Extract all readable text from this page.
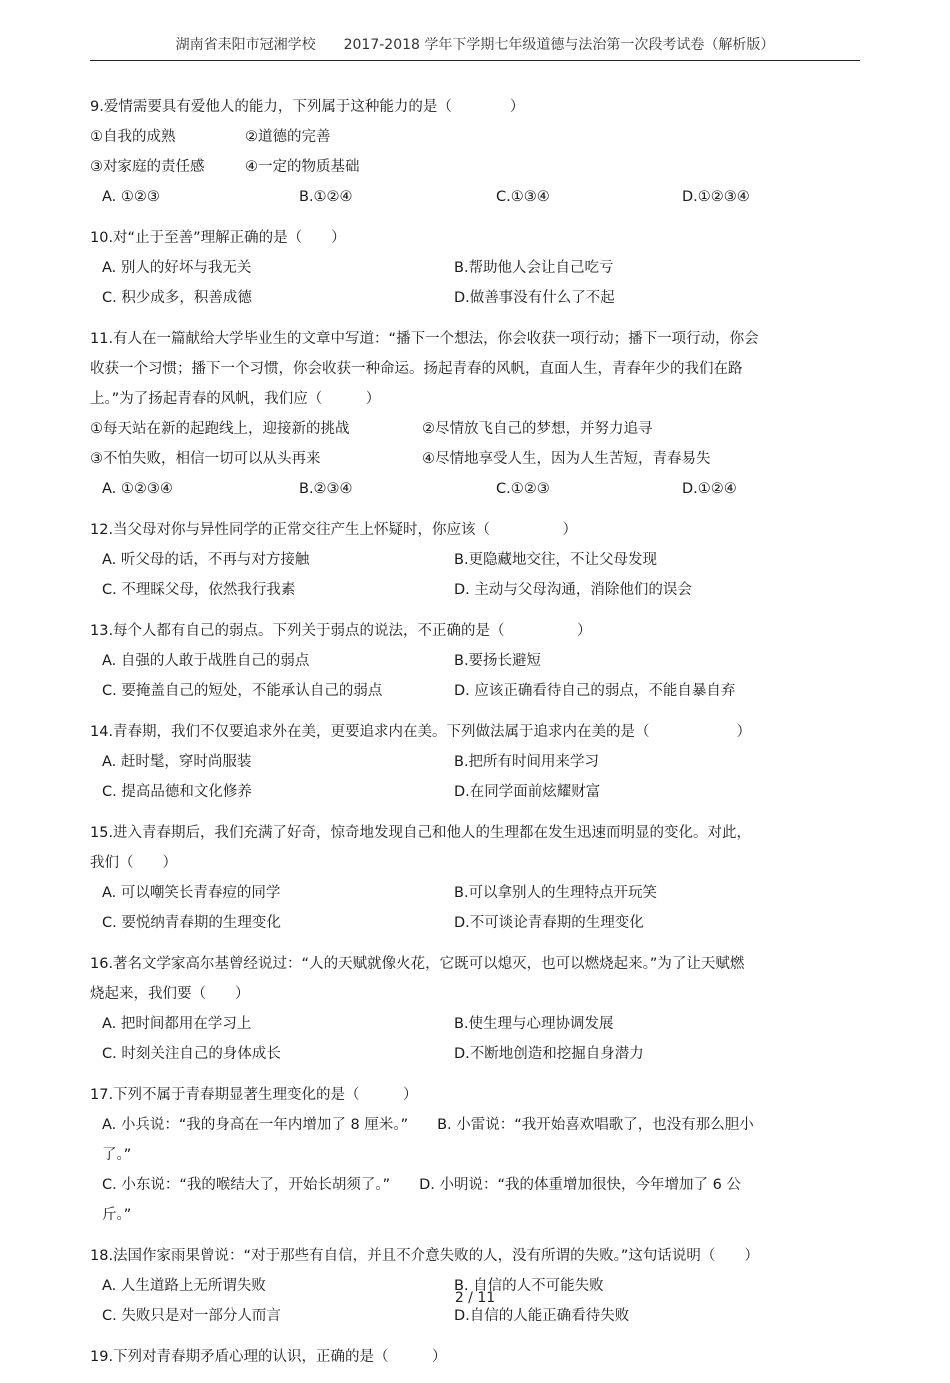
湖南省耒阳市冠湘学校　　2017-2018 学年下学期七年级道德与法治第一次段考试卷（解析版）
9.爱情需要具有爱他人的能力，下列属于这种能力的是（　　　　）
①自我的成熟	②道德的完善
③对家庭的责任感	④一定的物质基础
A. ①②③	B.①②④	C.①③④	D.①②③④
10.对“止于至善”理解正确的是（　　）
A. 别人的好坏与我无关	B.帮助他人会让自己吃亏
C. 积少成多，积善成德	D.做善事没有什么了不起
11.有人在一篇献给大学毕业生的文章中写道：“播下一个想法，你会收获一项行动；播下一项行动，你会
收获一个习惯；播下一个习惯，你会收获一种命运。扬起青春的风帆，直面人生，青春年少的我们在路
上。”为了扬起青春的风帆，我们应（　　　）
①每天站在新的起跑线上，迎接新的挑战	②尽情放飞自己的梦想，并努力追寻
③不怕失败，相信一切可以从头再来	④尽情地享受人生，因为人生苦短，青春易失
A. ①②③④	B.②③④	C.①②③	D.①②④
12.当父母对你与异性同学的正常交往产生上怀疑时，你应该（　　　　　）
A. 听父母的话，不再与对方接触	B.更隐藏地交往，不让父母发现
C. 不理睬父母，依然我行我素	D. 主动与父母沟通，消除他们的误会
13.每个人都有自己的弱点。下列关于弱点的说法，不正确的是（　　　　　）
A. 自强的人敢于战胜自己的弱点	B.要扬长避短
C. 要掩盖自己的短处，不能承认自己的弱点	D. 应该正确看待自己的弱点，不能自暴自弃
14.青春期，我们不仅要追求外在美，更要追求内在美。下列做法属于追求内在美的是（　　　　　　）
A. 赶时髦，穿时尚服装	B.把所有时间用来学习
C. 提高品德和文化修养	D.在同学面前炫耀财富
15.进入青春期后，我们充满了好奇，惊奇地发现自己和他人的生理都在发生迅速而明显的变化。对此，
我们（　　）
A. 可以嘲笑长青春痘的同学	B.可以拿别人的生理特点开玩笑
C. 要悦纳青春期的生理变化	D.不可谈论青春期的生理变化
16.著名文学家高尔基曾经说过：“人的天赋就像火花，它既可以熄灭，也可以燃烧起来。”为了让天赋燃
烧起来，我们要（　　）
A. 把时间都用在学习上	B.使生理与心理协调发展
C. 时刻关注自己的身体成长	D.不断地创造和挖掘自身潜力
17.下列不属于青春期显著生理变化的是（　　　）
A. 小兵说：“我的身高在一年内增加了 8 厘米。”　　B. 小雷说：“我开始喜欢唱歌了，也没有那么胆小
了。”
C. 小东说：“我的喉结大了，开始长胡须了。”　　D. 小明说：“我的体重增加很快，今年增加了 6 公
斤。”
18.法国作家雨果曾说：“对于那些有自信，并且不介意失败的人，没有所谓的失败。”这句话说明（　　）
A. 人生道路上无所谓失败	B. 自信的人不可能失败
C. 失败只是对一部分人而言	D.自信的人能正确看待失败
19.下列对青春期矛盾心理的认识，正确的是（　　　）
2 / 11
